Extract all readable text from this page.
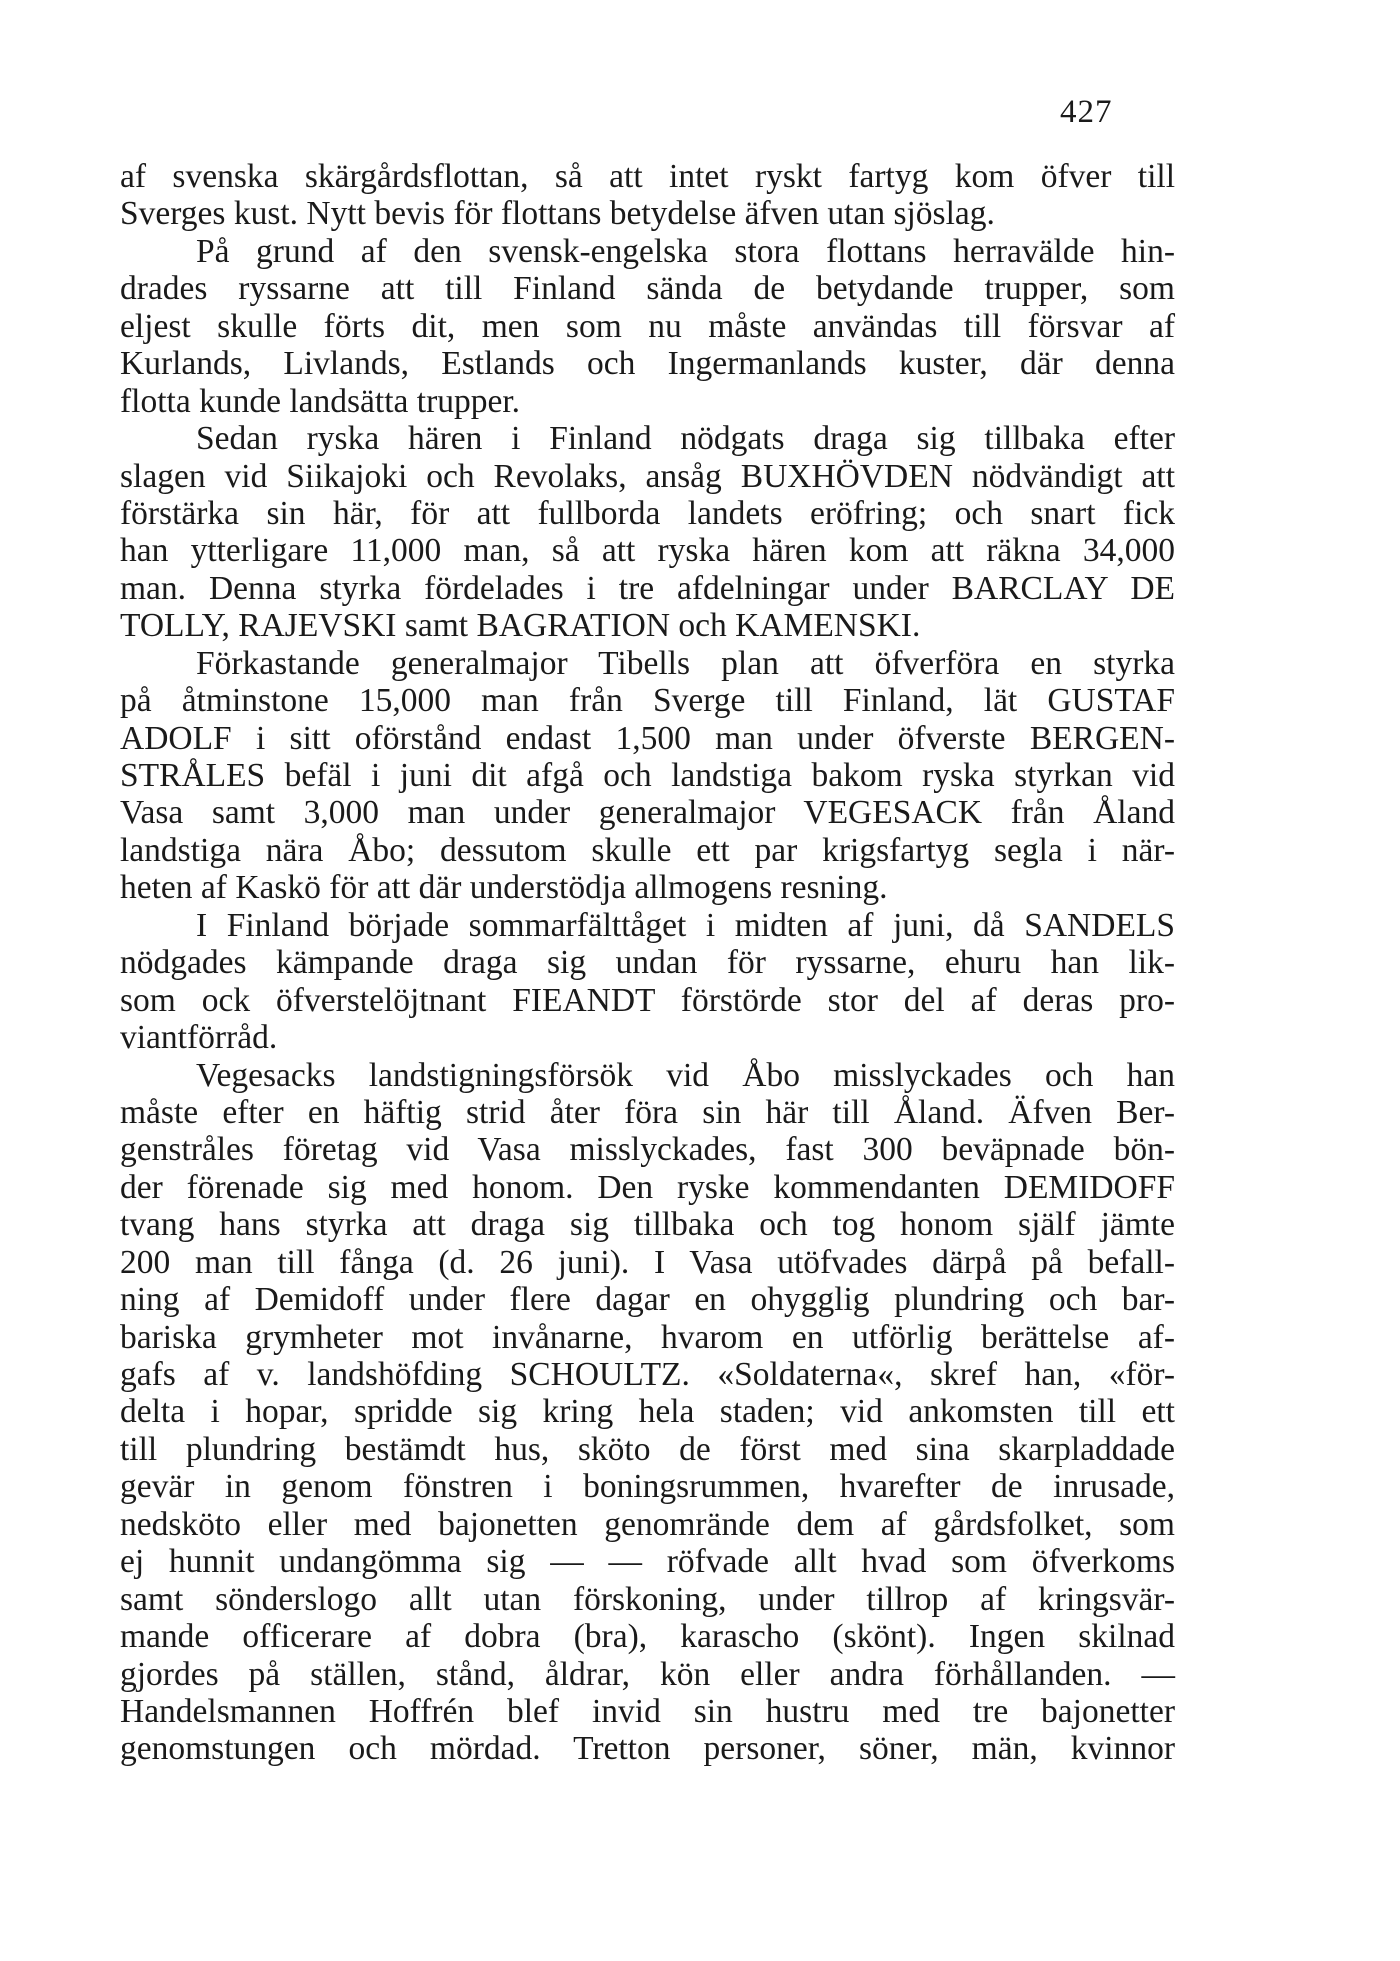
427
af svenska skärgårdsflottan, så att intet ryskt fartyg kom öfver till
Sverges kust. Nytt bevis för flottans betydelse äfven utan sjöslag.
På grund af den svensk-engelska stora flottans herravälde hin-
drades ryssarne att till Finland sända de betydande trupper, som
eljest skulle förts dit, men som nu måste användas till försvar af
Kurlands, Livlands, Estlands och Ingermanlands kuster, där denna
flotta kunde landsätta trupper.
Sedan ryska hären i Finland nödgats draga sig tillbaka efter
slagen vid Siikajoki och Revolaks, ansåg BUXHÖVDEN nödvändigt att
förstärka sin här, för att fullborda landets eröfring; och snart fick
han ytterligare 11,000 man, så att ryska hären kom att räkna 34,000
man. Denna styrka fördelades i tre afdelningar under BARCLAY DE
TOLLY, RAJEVSKI samt BAGRATION och KAMENSKI.
Förkastande generalmajor Tibells plan att öfverföra en styrka
på åtminstone 15,000 man från Sverge till Finland, lät GUSTAF
ADOLF i sitt oförstånd endast 1,500 man under öfverste BERGEN-
STRÅLES befäl i juni dit afgå och landstiga bakom ryska styrkan vid
Vasa samt 3,000 man under generalmajor VEGESACK från Åland
landstiga nära Åbo; dessutom skulle ett par krigsfartyg segla i när-
heten af Kaskö för att där understödja allmogens resning.
I Finland började sommarfälttåget i midten af juni, då SANDELS
nödgades kämpande draga sig undan för ryssarne, ehuru han lik-
som ock öfverstelöjtnant FIEANDT förstörde stor del af deras pro-
viantförråd.
Vegesacks landstigningsförsök vid Åbo misslyckades och han
måste efter en häftig strid åter föra sin här till Åland. Äfven Ber-
genstråles företag vid Vasa misslyckades, fast 300 beväpnade bön-
der förenade sig med honom. Den ryske kommendanten DEMIDOFF
tvang hans styrka att draga sig tillbaka och tog honom själf jämte
200 man till fånga (d. 26 juni). I Vasa utöfvades därpå på befall-
ning af Demidoff under flere dagar en ohygglig plundring och bar-
bariska grymheter mot invånarne, hvarom en utförlig berättelse af-
gafs af v. landshöfding SCHOULTZ. «Soldaterna«, skref han, «för-
delta i hopar, spridde sig kring hela staden; vid ankomsten till ett
till plundring bestämdt hus, sköto de först med sina skarpladdade
gevär in genom fönstren i boningsrummen, hvarefter de inrusade,
nedsköto eller med bajonetten genomrände dem af gårdsfolket, som
ej hunnit undangömma sig — — röfvade allt hvad som öfverkoms
samt sönderslogo allt utan förskoning, under tillrop af kringsvär-
mande officerare af dobra (bra), karascho (skönt). Ingen skilnad
gjordes på ställen, stånd, åldrar, kön eller andra förhållanden. —
Handelsmannen Hoffrén blef invid sin hustru med tre bajonetter
genomstungen och mördad. Tretton personer, söner, män, kvinnor
